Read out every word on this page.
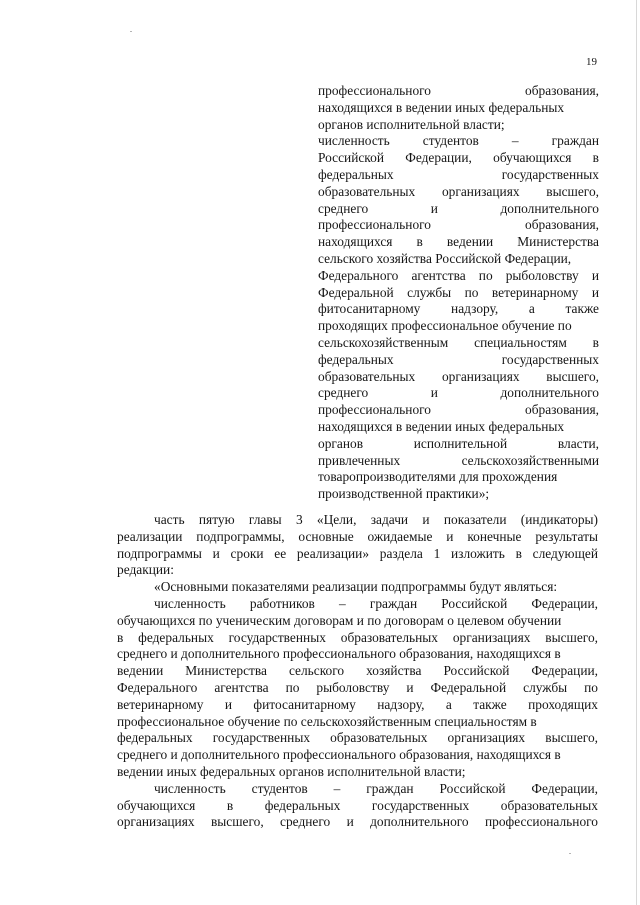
19
профессионального образования,
находящихся в ведении иных федеральных
органов исполнительной власти;
численность студентов – граждан
Российской Федерации, обучающихся в
федеральных государственных
образовательных организациях высшего,
среднего и дополнительного
профессионального образования,
находящихся в ведении Министерства
сельского хозяйства Российской Федерации,
Федерального агентства по рыболовству и
Федеральной службы по ветеринарному и
фитосанитарному надзору, а также
проходящих профессиональное обучение по
сельскохозяйственным специальностям в
федеральных государственных
образовательных организациях высшего,
среднего и дополнительного
профессионального образования,
находящихся в ведении иных федеральных
органов исполнительной власти,
привлеченных сельскохозяйственными
товаропроизводителями для прохождения
производственной практики»;
часть пятую главы 3 «Цели, задачи и показатели (индикаторы)
реализации подпрограммы, основные ожидаемые и конечные результаты
подпрограммы и сроки ее реализации» раздела 1 изложить в следующей
редакции:
«Основными показателями реализации подпрограммы будут являться:
численность работников – граждан Российской Федерации,
обучающихся по ученическим договорам и по договорам о целевом обучении
в федеральных государственных образовательных организациях высшего,
среднего и дополнительного профессионального образования, находящихся в
ведении Министерства сельского хозяйства Российской Федерации,
Федерального агентства по рыболовству и Федеральной службы по
ветеринарному и фитосанитарному надзору, а также проходящих
профессиональное обучение по сельскохозяйственным специальностям в
федеральных государственных образовательных организациях высшего,
среднего и дополнительного профессионального образования, находящихся в
ведении иных федеральных органов исполнительной власти;
численность студентов – граждан Российской Федерации,
обучающихся в федеральных государственных образовательных
организациях высшего, среднего и дополнительного профессионального
